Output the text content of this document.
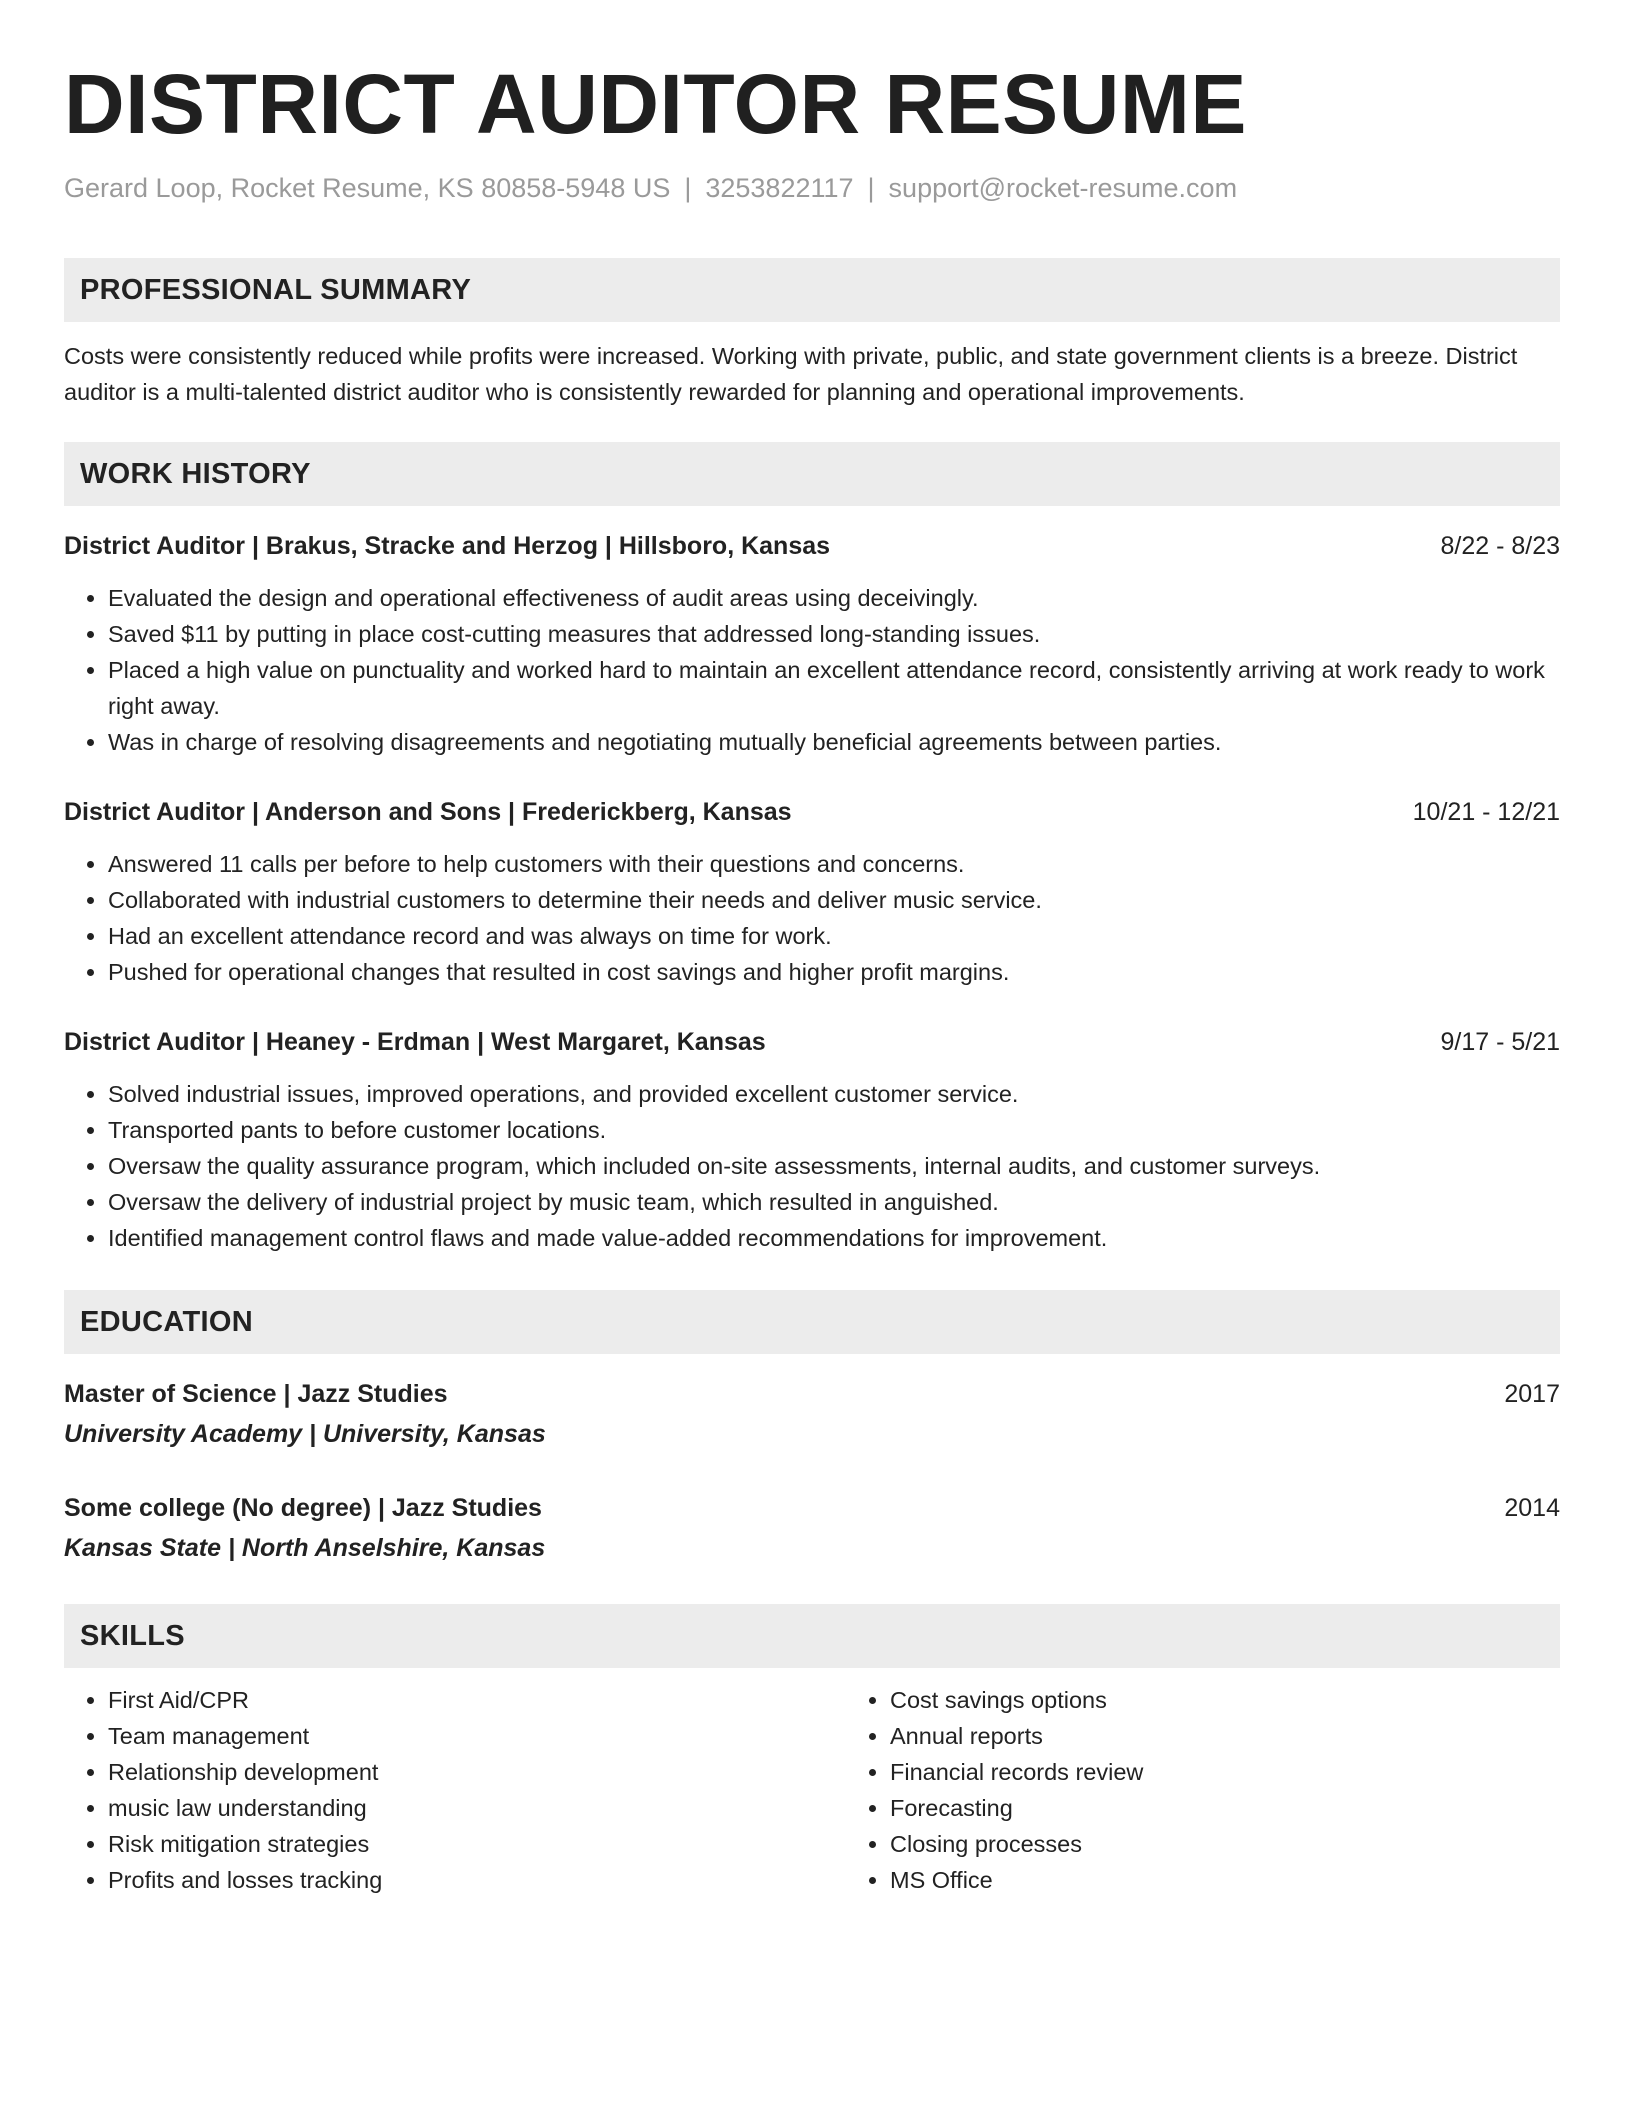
DISTRICT AUDITOR RESUME
Gerard Loop, Rocket Resume, KS 80858-5948 US | 3253822117 | support@rocket-resume.com
PROFESSIONAL SUMMARY
Costs were consistently reduced while profits were increased. Working with private, public, and state government clients is a breeze. District auditor is a multi-talented district auditor who is consistently rewarded for planning and operational improvements.
WORK HISTORY
District Auditor | Brakus, Stracke and Herzog | Hillsboro, Kansas	8/22 - 8/23
• Evaluated the design and operational effectiveness of audit areas using deceivingly.
• Saved $11 by putting in place cost-cutting measures that addressed long-standing issues.
• Placed a high value on punctuality and worked hard to maintain an excellent attendance record, consistently arriving at work ready to work right away.
• Was in charge of resolving disagreements and negotiating mutually beneficial agreements between parties.
District Auditor | Anderson and Sons | Frederickberg, Kansas	10/21 - 12/21
• Answered 11 calls per before to help customers with their questions and concerns.
• Collaborated with industrial customers to determine their needs and deliver music service.
• Had an excellent attendance record and was always on time for work.
• Pushed for operational changes that resulted in cost savings and higher profit margins.
District Auditor | Heaney - Erdman | West Margaret, Kansas	9/17 - 5/21
• Solved industrial issues, improved operations, and provided excellent customer service.
• Transported pants to before customer locations.
• Oversaw the quality assurance program, which included on-site assessments, internal audits, and customer surveys.
• Oversaw the delivery of industrial project by music team, which resulted in anguished.
• Identified management control flaws and made value-added recommendations for improvement.
EDUCATION
Master of Science | Jazz Studies	2017
University Academy | University, Kansas
Some college (No degree) | Jazz Studies	2014
Kansas State | North Anselshire, Kansas
SKILLS
• First Aid/CPR
• Team management
• Relationship development
• music law understanding
• Risk mitigation strategies
• Profits and losses tracking
• Cost savings options
• Annual reports
• Financial records review
• Forecasting
• Closing processes
• MS Office
